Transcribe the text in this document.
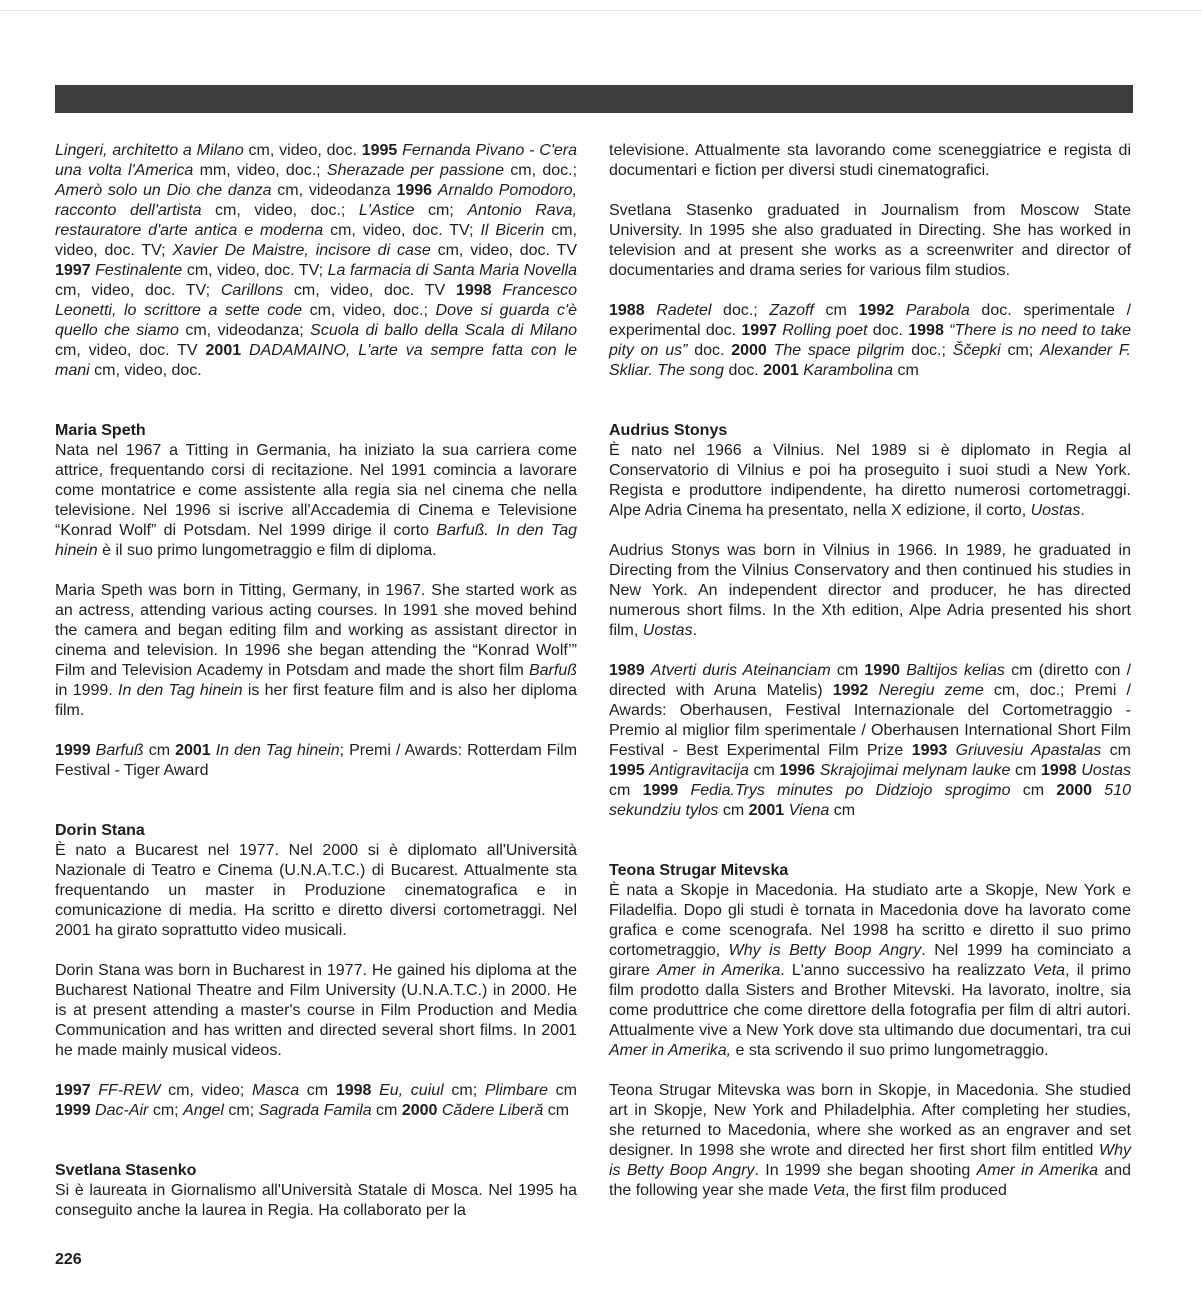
Lingeri, architetto a Milano cm, video, doc. 1995 Fernanda Pivano - C'era una volta l'America mm, video, doc.; Sherazade per passione cm, doc.; Amerò solo un Dio che danza cm, videodanza 1996 Arnaldo Pomodoro, racconto dell'artista cm, video, doc.; L'Astice cm; Antonio Rava, restauratore d'arte antica e moderna cm, video, doc. TV; Il Bicerin cm, video, doc. TV; Xavier De Maistre, incisore di case cm, video, doc. TV 1997 Festinalente cm, video, doc. TV; La farmacia di Santa Maria Novella cm, video, doc. TV; Carillons cm, video, doc. TV 1998 Francesco Leonetti, lo scrittore a sette code cm, video, doc.; Dove si guarda c'è quello che siamo cm, videodanza; Scuola di ballo della Scala di Milano cm, video, doc. TV 2001 DADAMAINO, L'arte va sempre fatta con le mani cm, video, doc.

Maria Speth

Nata nel 1967 a Titting in Germania, ha iniziato la sua carriera come attrice, frequentando corsi di recitazione. Nel 1991 comincia a lavorare come montatrice e come assistente alla regia sia nel cinema che nella televisione. Nel 1996 si iscrive all'Accademia di Cinema e Televisione “Konrad Wolf” di Potsdam. Nel 1999 dirige il corto Barfuß. In den Tag hinein è il suo primo lungometraggio e film di diploma.

Maria Speth was born in Titting, Germany, in 1967. She started work as an actress, attending various acting courses. In 1991 she moved behind the camera and began editing film and working as assistant director in cinema and television. In 1996 she began attending the “Konrad Wolf’” Film and Television Academy in Potsdam and made the short film Barfuß in 1999. In den Tag hinein is her first feature film and is also her diploma film.

1999 Barfuß cm 2001 In den Tag hinein; Premi / Awards: Rotterdam Film Festival - Tiger Award

Dorin Stana

È nato a Bucarest nel 1977. Nel 2000 si è diplomato all'Università Nazionale di Teatro e Cinema (U.N.A.T.C.) di Bucarest. Attualmente sta frequentando un master in Produzione cinematografica e in comunicazione di media. Ha scritto e diretto diversi cortometraggi. Nel 2001 ha girato soprattutto video musicali.

Dorin Stana was born in Bucharest in 1977. He gained his diploma at the Bucharest National Theatre and Film University (U.N.A.T.C.) in 2000. He is at present attending a master's course in Film Production and Media Communication and has written and directed several short films. In 2001 he made mainly musical videos.

1997 FF-REW cm, video; Masca cm 1998 Eu, cuiul cm; Plimbare cm 1999 Dac-Air cm; Angel cm; Sagrada Famila cm 2000 Cădere Liberă cm

Svetlana Stasenko

Si è laureata in Giornalismo all'Università Statale di Mosca. Nel 1995 ha conseguito anche la laurea in Regia. Ha collaborato per la

televisione. Attualmente sta lavorando come sceneggiatrice e regista di documentari e fiction per diversi studi cinematografici.

Svetlana Stasenko graduated in Journalism from Moscow State University. In 1995 she also graduated in Directing. She has worked in television and at present she works as a screenwriter and director of documentaries and drama series for various film studios.

1988 Radetel doc.; Zazoff cm 1992 Parabola doc. sperimentale / experimental doc. 1997 Rolling poet doc. 1998 “There is no need to take pity on us” doc. 2000 The space pilgrim doc.; Ščepki cm; Alexander F. Skliar. The song doc. 2001 Karambolina cm

Audrius Stonys

È nato nel 1966 a Vilnius. Nel 1989 si è diplomato in Regia al Conservatorio di Vilnius e poi ha proseguito i suoi studi a New York. Regista e produttore indipendente, ha diretto numerosi cortometraggi. Alpe Adria Cinema ha presentato, nella X edizione, il corto, Uostas.

Audrius Stonys was born in Vilnius in 1966. In 1989, he graduated in Directing from the Vilnius Conservatory and then continued his studies in New York. An independent director and producer, he has directed numerous short films. In the Xth edition, Alpe Adria presented his short film, Uostas.

1989 Atverti duris Ateinanciam cm 1990 Baltijos kelias cm (diretto con / directed with Aruna Matelis) 1992 Neregiu zeme cm, doc.; Premi / Awards: Oberhausen, Festival Internazionale del Cortometraggio - Premio al miglior film sperimentale / Oberhausen International Short Film Festival - Best Experimental Film Prize 1993 Griuvesiu Apastalas cm 1995 Antigravitacija cm 1996 Skrajojimai melynam lauke cm 1998 Uostas cm 1999 Fedia.Trys minutes po Didziojo sprogimo cm 2000 510 sekundziu tylos cm 2001 Viena cm

Teona Strugar Mitevska

È nata a Skopje in Macedonia. Ha studiato arte a Skopje, New York e Filadelfia. Dopo gli studi è tornata in Macedonia dove ha lavorato come grafica e come scenografa. Nel 1998 ha scritto e diretto il suo primo cortometraggio, Why is Betty Boop Angry. Nel 1999 ha cominciato a girare Amer in Amerika. L'anno successivo ha realizzato Veta, il primo film prodotto dalla Sisters and Brother Mitevski. Ha lavorato, inoltre, sia come produttrice che come direttore della fotografia per film di altri autori. Attualmente vive a New York dove sta ultimando due documentari, tra cui Amer in Amerika, e sta scrivendo il suo primo lungometraggio.

Teona Strugar Mitevska was born in Skopje, in Macedonia. She studied art in Skopje, New York and Philadelphia. After completing her studies, she returned to Macedonia, where she worked as an engraver and set designer. In 1998 she wrote and directed her first short film entitled Why is Betty Boop Angry. In 1999 she began shooting Amer in Amerika and the following year she made Veta, the first film produced

226
